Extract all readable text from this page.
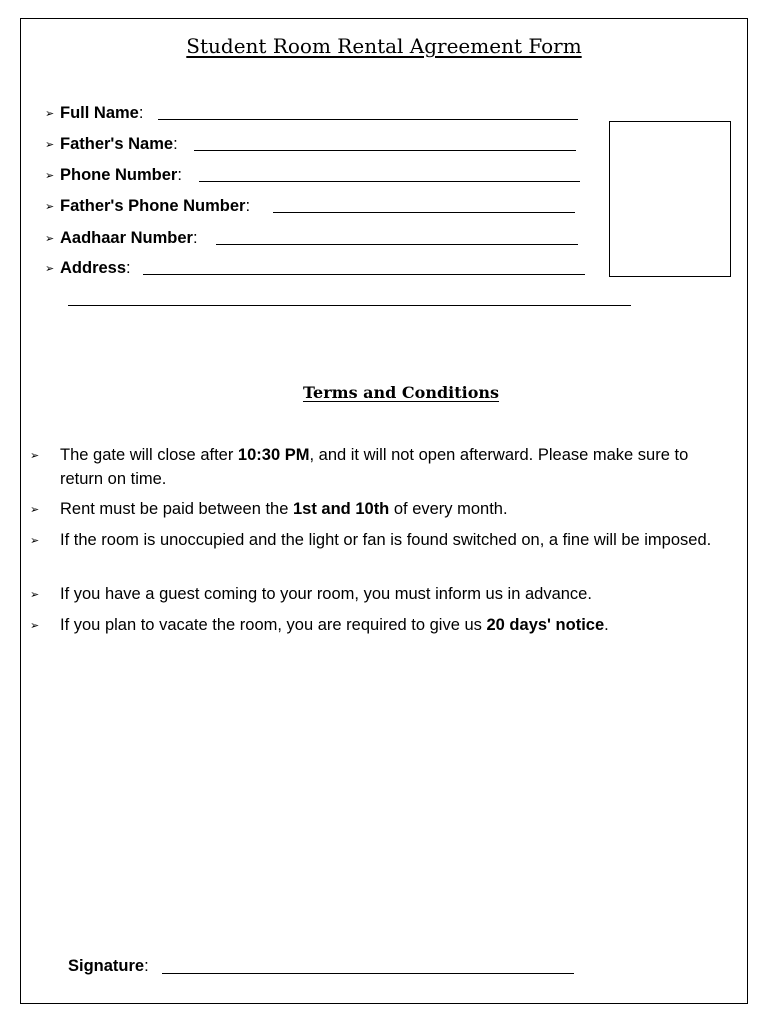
Student Room Rental Agreement Form
➢ Full Name:
➢ Father's Name:
➢ Phone Number:
➢ Father's Phone Number:
➢ Aadhaar Number:
➢ Address:
Terms and Conditions
➢ The gate will close after 10:30 PM, and it will not open afterward. Please make sure to return on time.
➢ Rent must be paid between the 1st and 10th of every month.
➢ If the room is unoccupied and the light or fan is found switched on, a fine will be imposed.
➢ If you have a guest coming to your room, you must inform us in advance.
➢ If you plan to vacate the room, you are required to give us 20 days' notice.
Signature:
